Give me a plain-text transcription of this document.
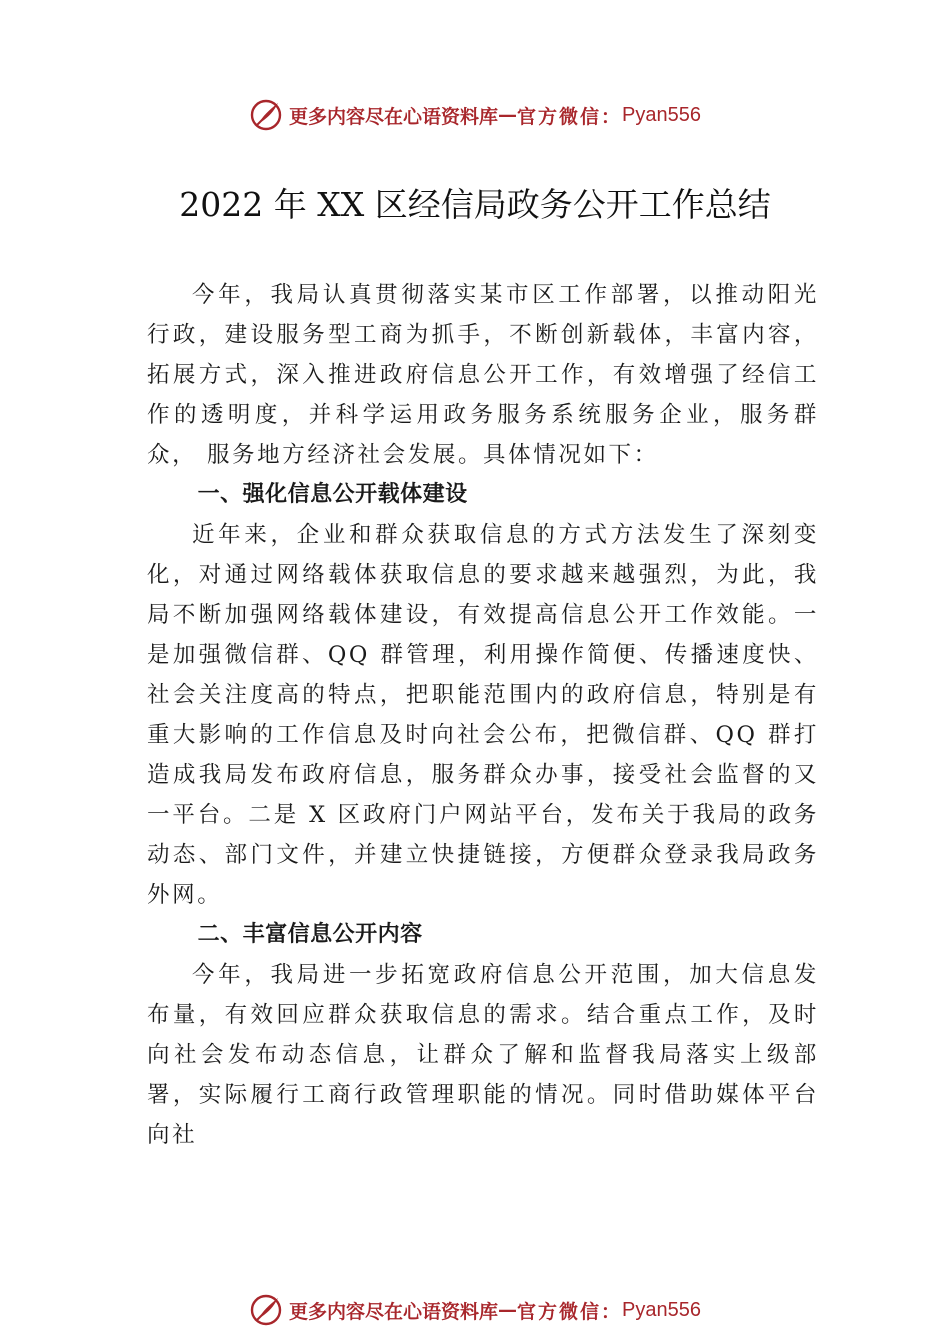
更多内容尽在心语资料库 — 官方微信： Pyan556
2022 年 XX 区经信局政务公开工作总结

今年，我局认真贯彻落实某市区工作部署，以推动阳光行政，建设服务型工商为抓手，不断创新载体，丰富内容， 拓展方式，深入推进政府信息公开工作，有效增强了经信工作的透明度，并科学运用政务服务系统服务企业，服务群众， 服务地方经济社会发展。具体情况如下：

一、强化信息公开载体建设

近年来，企业和群众获取信息的方式方法发生了深刻变化，对通过网络载体获取信息的要求越来越强烈，为此，我局不断加强网络载体建设，有效提高信息公开工作效能。一是加强微信群、QQ 群管理，利用操作简便、传播速度快、社会关注度高的特点，把职能范围内的政府信息，特别是有重大影响的工作信息及时向社会公布，把微信群、QQ 群打造成我局发布政府信息，服务群众办事，接受社会监督的又一平台。二是 X 区政府门户网站平台，发布关于我局的政务动态、部门文件，并建立快捷链接，方便群众登录我局政务外网。

二、丰富信息公开内容

今年，我局进一步拓宽政府信息公开范围，加大信息发布量，有效回应群众获取信息的需求。结合重点工作，及时向社会发布动态信息，让群众了解和监督我局落实上级部署，实际履行工商行政管理职能的情况。同时借助媒体平台向社

更多内容尽在心语资料库 — 官方微信： Pyan556
